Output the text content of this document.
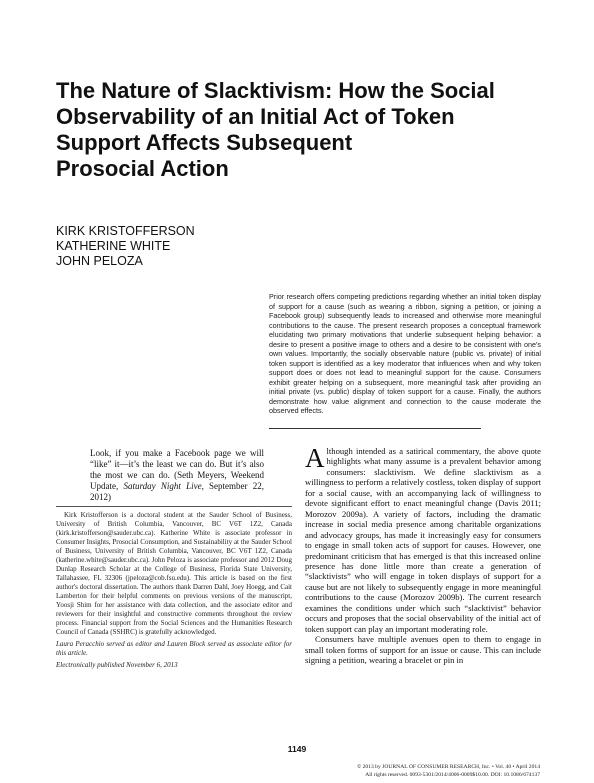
The Nature of Slacktivism: How the Social
Observability of an Initial Act of Token
Support Affects Subsequent
Prosocial Action
KIRK KRISTOFFERSON
KATHERINE WHITE
JOHN PELOZA
Prior research offers competing predictions regarding whether an initial token display of support for a cause (such as wearing a ribbon, signing a petition, or joining a Facebook group) subsequently leads to increased and otherwise more meaningful contributions to the cause. The present research proposes a conceptual framework elucidating two primary motivations that underlie subsequent helping behavior: a desire to present a positive image to others and a desire to be consistent with one's own values. Importantly, the socially observable nature (public vs. private) of initial token support is identified as a key moderator that influences when and why token support does or does not lead to meaningful support for the cause. Consumers exhibit greater helping on a subsequent, more meaningful task after providing an initial private (vs. public) display of token support for a cause. Finally, the authors demonstrate how value alignment and connection to the cause moderate the observed effects.
Look, if you make a Facebook page we will “like” it—it’s the least we can do. But it’s also the most we can do. (Seth Meyers, Weekend Update, Saturday Night Live, September 22, 2012)

Kirk Kristofferson is a doctoral student at the Sauder School of Business, University of British Columbia, Vancouver, BC V6T 1Z2, Canada (kirk.kristofferson@sauder.ubc.ca). Katherine White is associate professor in Consumer Insights, Prosocial Consumption, and Sustainability at the Sauder School of Business, University of British Columbia, Vancouver, BC V6T 1Z2, Canada (katherine.white@sauder.ubc.ca). John Peloza is associate professor and 2012 Doug Dunlap Research Scholar at the College of Business, Florida State University, Tallahassee, FL 32306 (jpeloza@cob.fsu.edu). This article is based on the first author's doctoral dissertation. The authors thank Darren Dahl, Joey Hoegg, and Cait Lamberton for their helpful comments on previous versions of the manuscript, Yoosji Shim for her assistance with data collection, and the associate editor and reviewers for their insightful and constructive comments throughout the review process. Financial support from the Social Sciences and the Humanities Research Council of Canada (SSHRC) is gratefully acknowledged.

Laura Peracchio served as editor and Lauren Block served as associate editor for this article.

Electronically published November 6, 2013

Although intended as a satirical commentary, the above quote highlights what many assume is a prevalent behavior among consumers: slacktivism. We define slacktivism as a willingness to perform a relatively costless, token display of support for a social cause, with an accompanying lack of willingness to devote significant effort to enact meaningful change (Davis 2011; Morozov 2009a). A variety of factors, including the dramatic increase in social media presence among charitable organizations and advocacy groups, has made it increasingly easy for consumers to engage in small token acts of support for causes. However, one predominant criticism that has emerged is that this increased online presence has done little more than create a generation of “slacktivists” who will engage in token displays of support for a cause but are not likely to subsequently engage in more meaningful contributions to the cause (Morozov 2009b). The current research examines the conditions under which such “slacktivist” behavior occurs and proposes that the social observability of the initial act of token support can play an important moderating role.

Consumers have multiple avenues open to them to engage in small token forms of support for an issue or cause. This can include signing a petition, wearing a bracelet or pin in

1149
© 2013 by JOURNAL OF CONSUMER RESEARCH, Inc. • Vol. 40 • April 2014
All rights reserved. 0093-5301/2014/4006-0009$10.00. DOI: 10.1086/674137
